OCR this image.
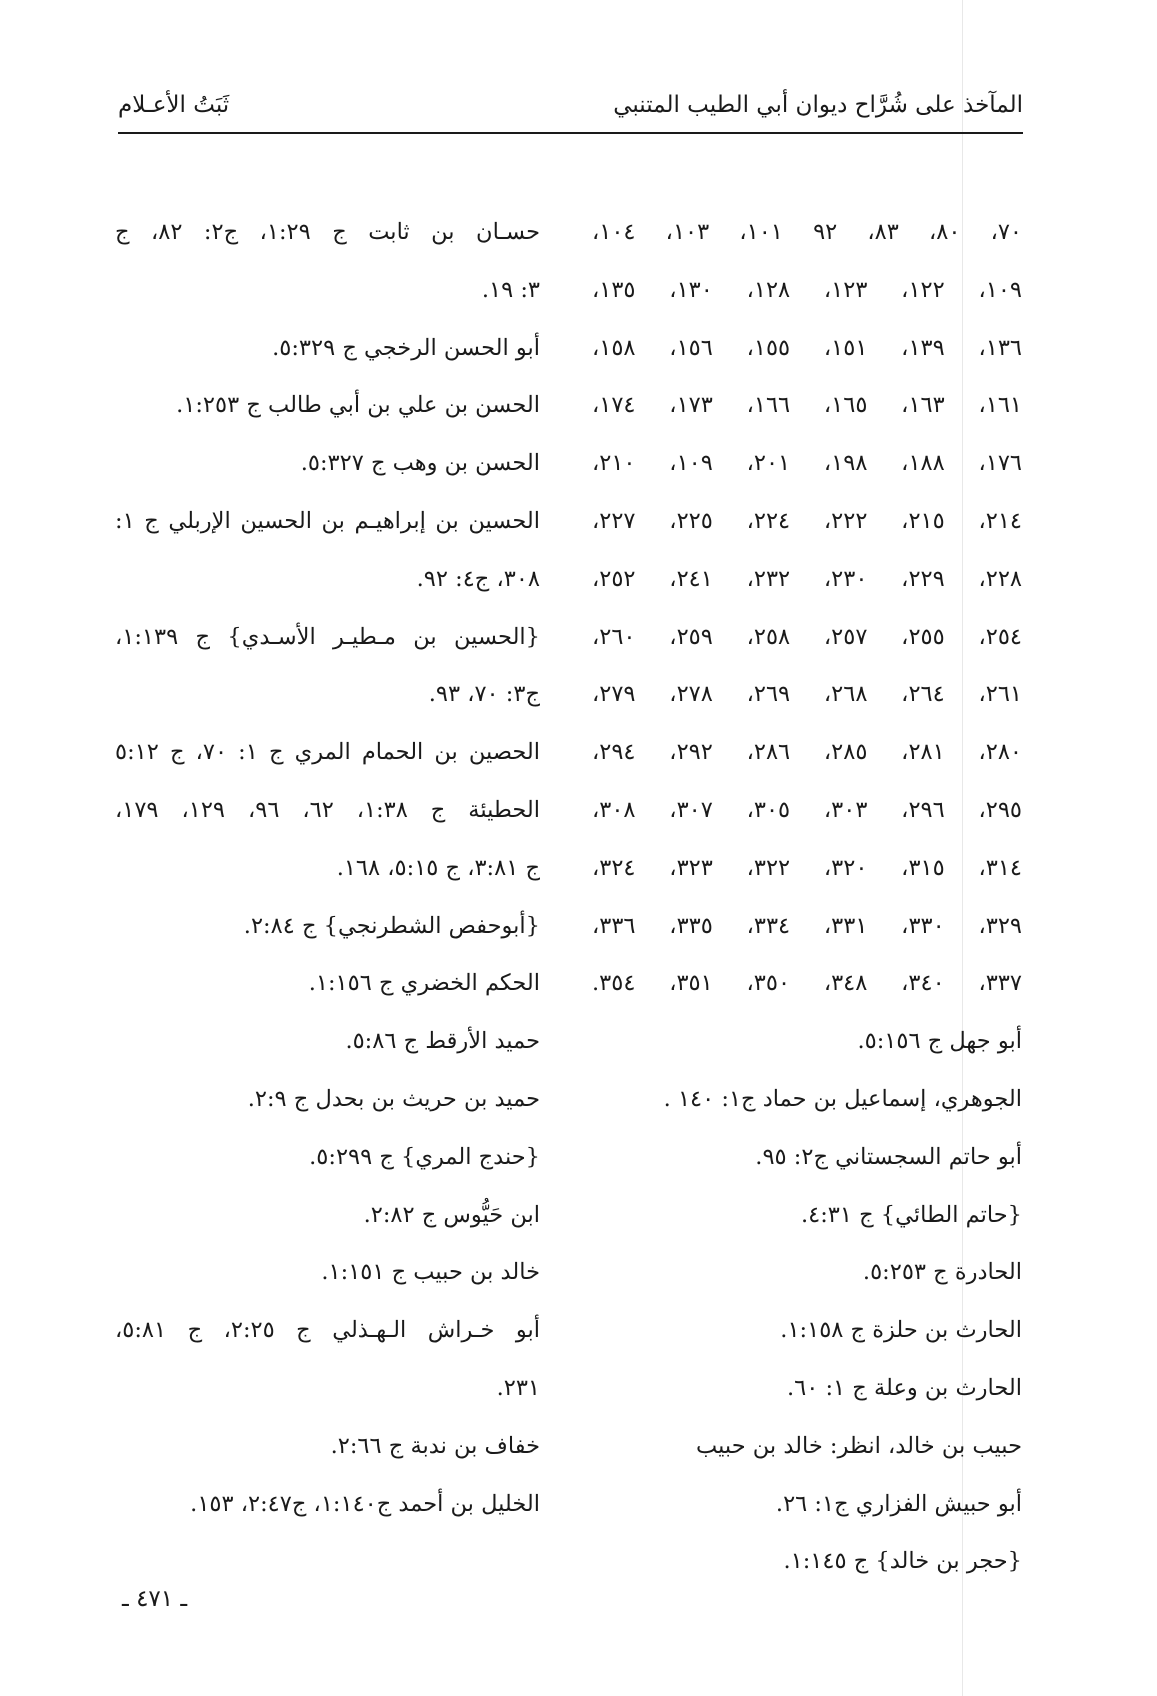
المآخذ على شُرَّاح ديوان أبي الطيب المتنبي
ثَبَتُ الأعـلام
٧٠، ٨٠، ٨٣، ٩٢ ١٠١، ١٠٣، ١٠٤،
١٠٩، ١٢٢، ١٢٣، ١٢٨، ١٣٠، ١٣٥،
١٣٦، ١٣٩، ١٥١، ١٥٥، ١٥٦، ١٥٨،
١٦١، ١٦٣، ١٦٥، ١٦٦، ١٧٣، ١٧٤،
١٧٦، ١٨٨، ١٩٨، ٢٠١، ١٠٩، ٢١٠،
٢١٤، ٢١٥، ٢٢٢، ٢٢٤، ٢٢٥، ٢٢٧،
٢٢٨، ٢٢٩، ٢٣٠، ٢٣٢، ٢٤١، ٢٥٢،
٢٥٤، ٢٥٥، ٢٥٧، ٢٥٨، ٢٥٩، ٢٦٠،
٢٦١، ٢٦٤، ٢٦٨، ٢٦٩، ٢٧٨، ٢٧٩،
٢٨٠، ٢٨١، ٢٨٥، ٢٨٦، ٢٩٢، ٢٩٤،
٢٩٥، ٢٩٦، ٣٠٣، ٣٠٥، ٣٠٧، ٣٠٨،
٣١٤، ٣١٥، ٣٢٠، ٣٢٢، ٣٢٣، ٣٢٤،
٣٢٩، ٣٣٠، ٣٣١، ٣٣٤، ٣٣٥، ٣٣٦،
٣٣٧، ٣٤٠، ٣٤٨، ٣٥٠، ٣٥١، ٣٥٤.
أبو جهل ج ٥:١٥٦.
الجوهري، إسماعيل بن حماد ج١: ١٤٠ .
أبو حاتم السجستاني ج٢: ٩٥.
{حاتم الطائي} ج ٤:٣١.
الحادرة ج ٥:٢٥٣.
الحارث بن حلزة ج ١:١٥٨.
الحارث بن وعلة ج ١: ٦٠.
حبيب بن خالد، انظر: خالد بن حبيب
أبو حبيش الفزاري ج١: ٢٦.
{حجر بن خالد} ج ١:١٤٥.
حسـان بن ثابت ج ١:٢٩، ج٢: ٨٢، ج
٣: ١٩.
أبو الحسن الرخجي ج ٥:٣٢٩.
الحسن بن علي بن أبي طالب ج ١:٢٥٣.
الحسن بن وهب ج ٥:٣٢٧.
الحسين بن إبراهيـم بن الحسين الإربلي ج ١:
٣٠٨، ج٤: ٩٢.
{الحسين بن مـطيـر الأسـدي} ج ١:١٣٩،
ج٣: ٧٠، ٩٣.
الحصين بن الحمام المري ج ١: ٧٠، ج ٥:١٢
الحطيئة ج ١:٣٨، ٦٢، ٩٦، ١٢٩، ١٧٩،
ج ٣:٨١، ج ٥:١٥، ١٦٨.
{أبوحفص الشطرنجي} ج ٢:٨٤.
الحكم الخضري ج ١:١٥٦.
حميد الأرقط ج ٥:٨٦.
حميد بن حريث بن بحدل ج ٢:٩.
{حندج المري} ج ٥:٢٩٩.
ابن حَيُّوس ج ٢:٨٢.
خالد بن حبيب ج ١:١٥١.
أبو خـراش الـهـذلي ج ٢:٢٥، ج ٥:٨١،
٢٣١.
خفاف بن ندبة ج ٢:٦٦.
الخليل بن أحمد ج١:١٤٠، ج٢:٤٧، ١٥٣.
ـ ٤٧١ ـ
